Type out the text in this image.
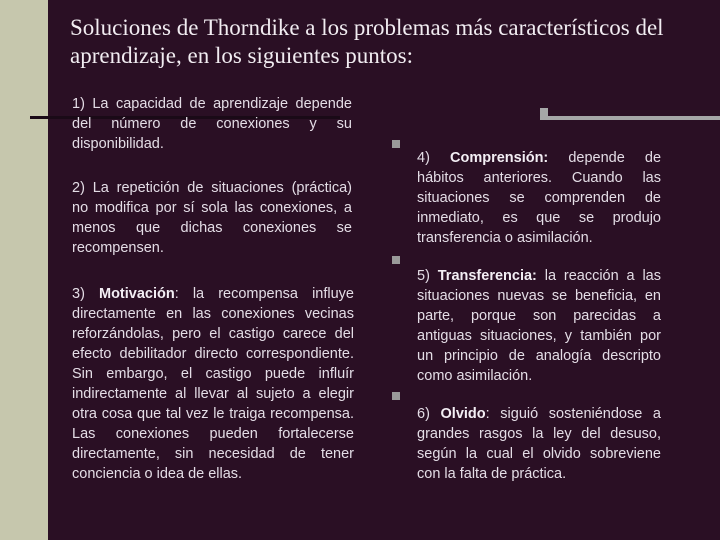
Soluciones de Thorndike a los problemas más característicos del aprendizaje, en los siguientes puntos:

1) La capacidad de aprendizaje depende del número de conexiones y su disponibilidad.

2) La repetición de situaciones (práctica) no modifica por sí sola las conexiones, a menos que dichas conexiones se recompensen.

3) Motivación: la recompensa influye directamente en las conexiones vecinas reforzándolas, pero el castigo carece del efecto debilitador directo correspondiente. Sin embargo, el castigo puede influír indirectamente al llevar al sujeto a elegir otra cosa que tal vez le traiga recompensa. Las conexiones pueden fortalecerse directamente, sin necesidad de tener conciencia o idea de ellas.

4) Comprensión: depende de hábitos anteriores. Cuando las situaciones se comprenden de inmediato, es que se produjo transferencia o asimilación.

5) Transferencia: la reacción a las situaciones nuevas se beneficia, en parte, porque son parecidas a antiguas situaciones, y también por un principio de analogía descripto como asimilación.

6) Olvido: siguió sosteniéndose a grandes rasgos la ley del desuso, según la cual el olvido sobreviene con la falta de práctica.
